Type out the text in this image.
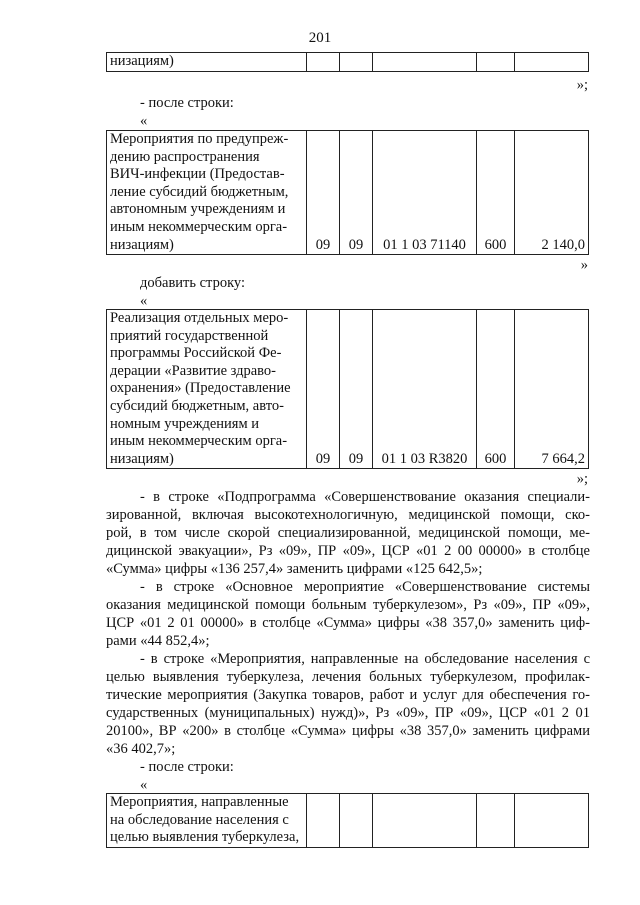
201
низациям)

»;
- после строки:
«
Мероприятия по предупреж-
дению распространения
ВИЧ-инфекции (Предостав-
ление субсидий бюджетным,
автономным учреждениям и
иным некоммерческим орга-
низациям)	09	09	01 1 03 71140	600	2 140,0
»
добавить строку:
«
Реализация отдельных меро-
приятий государственной
программы Российской Фе-
дерации «Развитие здраво-
охранения» (Предоставление
субсидий бюджетным, авто-
номным учреждениям и
иным некоммерческим орга-
низациям)	09	09	01 1 03 R3820	600	7 664,2
»;
- в строке «Подпрограмма «Совершенствование оказания специали-
зированной, включая высокотехнологичную, медицинской помощи, ско-
рой, в том числе скорой специализированной, медицинской помощи, ме-
дицинской эвакуации», Рз «09», ПР «09», ЦСР «01 2 00 00000» в столбце
«Сумма» цифры «136 257,4» заменить цифрами «125 642,5»;
- в строке «Основное мероприятие «Совершенствование системы
оказания медицинской помощи больным туберкулезом», Рз «09», ПР «09»,
ЦСР «01 2 01 00000» в столбце «Сумма» цифры «38 357,0» заменить циф-
рами «44 852,4»;
- в строке «Мероприятия, направленные на обследование населения с
целью выявления туберкулеза, лечения больных туберкулезом, профилак-
тические мероприятия (Закупка товаров, работ и услуг для обеспечения го-
сударственных (муниципальных) нужд)», Рз «09», ПР «09», ЦСР «01 2 01
20100», ВР «200» в столбце «Сумма» цифры «38 357,0» заменить цифрами
«36 402,7»;
- после строки:
«
Мероприятия, направленные
на обследование населения с
целью выявления туберкулеза,
